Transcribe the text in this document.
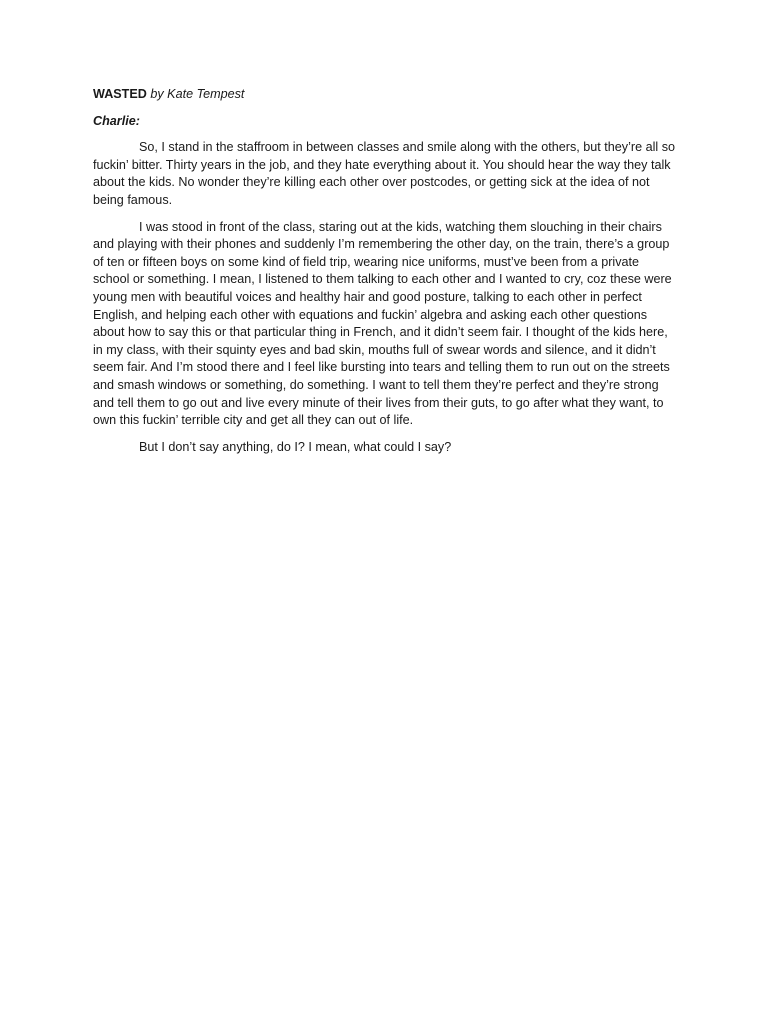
WASTED by Kate Tempest

Charlie:

So, I stand in the staffroom in between classes and smile along with the others, but they’re all so fuckin’ bitter. Thirty years in the job, and they hate everything about it. You should hear the way they talk about the kids. No wonder they’re killing each other over postcodes, or getting sick at the idea of not being famous.

I was stood in front of the class, staring out at the kids, watching them slouching in their chairs and playing with their phones and suddenly I’m remembering the other day, on the train, there’s a group of ten or fifteen boys on some kind of field trip, wearing nice uniforms, must’ve been from a private school or something. I mean, I listened to them talking to each other and I wanted to cry, coz these were young men with beautiful voices and healthy hair and good posture, talking to each other in perfect English, and helping each other with equations and fuckin’ algebra and asking each other questions about how to say this or that particular thing in French, and it didn’t seem fair. I thought of the kids here, in my class, with their squinty eyes and bad skin, mouths full of swear words and silence, and it didn’t seem fair. And I’m stood there and I feel like bursting into tears and telling them to run out on the streets and smash windows or something, do something. I want to tell them they’re perfect and they’re strong and tell them to go out and live every minute of their lives from their guts, to go after what they want, to own this fuckin’ terrible city and get all they can out of life.

But I don’t say anything, do I? I mean, what could I say?
